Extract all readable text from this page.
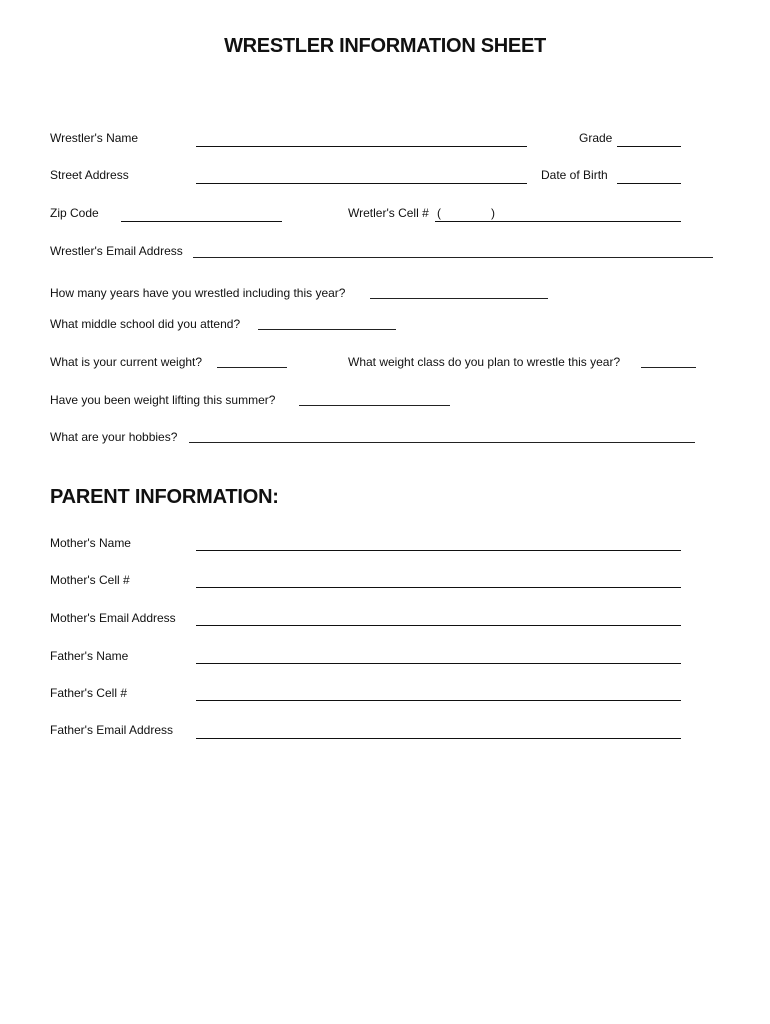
WRESTLER INFORMATION SHEET
Wrestler's Name	Grade
Street Address	Date of Birth
Zip Code	Wretler's Cell # (	)
Wrestler's Email Address
How many years have you wrestled including this year?
What middle school did you attend?
What is your current weight?	What weight class do you plan to wrestle this year?
Have you been weight lifting this summer?
What are your hobbies?
PARENT INFORMATION:
Mother's Name
Mother's Cell #
Mother's Email Address
Father's Name
Father's Cell #
Father's Email Address
